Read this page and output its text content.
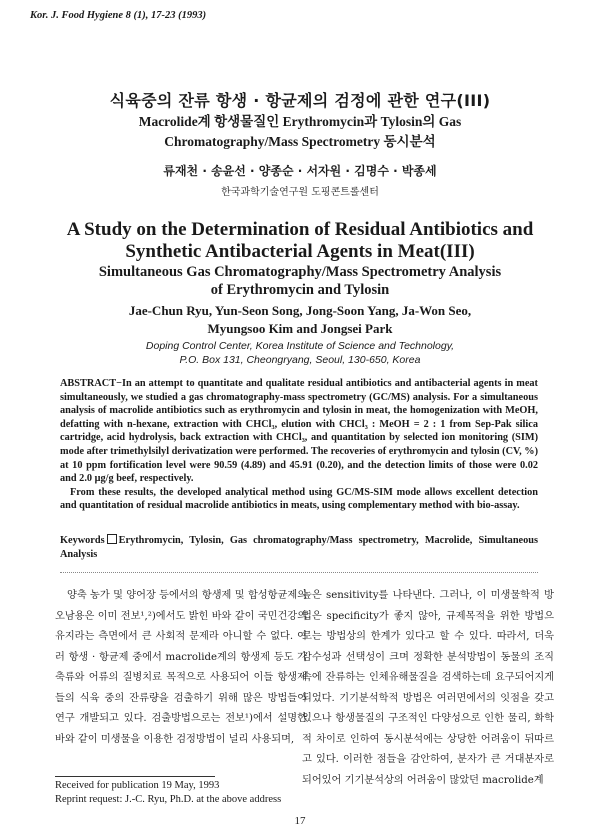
Kor. J. Food Hygiene 8 (1), 17-23 (1993)
식육중의 잔류 항생 · 항균제의 검정에 관한 연구(III)
Macrolide계 항생물질인 Erythromycin과 Tylosin의 Gas
Chromatography/Mass Spectrometry 동시분석
류재천 · 송윤선 · 양종순 · 서자원 · 김명수 · 박종세
한국과학기술연구원 도핑콘트롤센터
A Study on the Determination of Residual Antibiotics and
Synthetic Antibacterial Agents in Meat(III)
Simultaneous Gas Chromatography/Mass Spectrometry Analysis
of Erythromycin and Tylosin
Jae-Chun Ryu, Yun-Seon Song, Jong-Soon Yang, Ja-Won Seo,
Myungsoo Kim and Jongsei Park
Doping Control Center, Korea Institute of Science and Technology,
P.O. Box 131, Cheongryang, Seoul, 130-650, Korea

ABSTRACT−In an attempt to quantitate and qualitate residual antibiotics and antibacterial agents in meat simultaneously, we studied a gas chromatography-mass spectrometry (GC/MS) analysis. For a simultaneous analysis of macrolide antibiotics such as erythromycin and tylosin in meat, the homogenization with MeOH, defatting with n-hexane, extraction with CHCl₃, elution with CHCl₃ : MeOH = 2 : 1 from Sep-Pak silica cartridge, acid hydrolysis, back extraction with CHCl₃, and quantitation by selected ion monitoring (SIM) mode after trimethylsilyl derivatization were performed. The recoveries of erythromycin and tylosin (CV, %) at 10 ppm fortification level were 90.59 (4.89) and 45.91 (0.20), and the detection limits of those were 0.02 and 2.0 μg/g beef, respectively.

From these results, the developed analytical method using GC/MS-SIM mode allows excellent detection and quantitation of residual macrolide antibiotics in meats, using complementary method with bio-assay.

Keywords Erythromycin, Tylosin, Gas chromatography/Mass spectrometry, Macrolide, Simultaneous Analysis
양축 농가 및 양어장 등에서의 항생제 및 합성항균제의 오남용은 이미 전보¹,²)에서도 밝힌 바와 같이 국민건강의 유지라는 측면에서 큰 사회적 문제라 아니할 수 없다. 여러 항생 · 항균제 중에서 macrolide계의 항생제 등도 가축류와 어류의 질병치료 목적으로 사용되어 이들 항생제들의 식육 중의 잔류량을 검출하기 위해 많은 방법들이 연구 개발되고 있다. 검출방법으로는 전보¹)에서 설명한 바와 같이 미생물을 이용한 검정방법이 널리 사용되며,
높은 sensitivity를 나타낸다. 그러나, 이 미생물학적 방법은 specificity가 좋지 않아, 규제목적을 위한 방법으로는 방법상의 한계가 있다고 할 수 있다. 따라서, 더욱 감수성과 선택성이 크며 정확한 분석방법이 동물의 조직속에 잔류하는 인체유해물질을 검색하는데 요구되어지게 되었다. 기기분석학적 방법은 여러면에서의 잇점을 갖고 있으나 항생물질의 구조적인 다양성으로 인한 물리, 화학적 차이로 인하여 동시분석에는 상당한 어려움이 뒤따르고 있다. 이러한 점들을 감안하여, 분자가 큰 거대분자로 되어있어 기기분석상의 어려움이 많았던 macrolide계
Received for publication 19 May, 1993
Reprint request: J.-C. Ryu, Ph.D. at the above address
17
